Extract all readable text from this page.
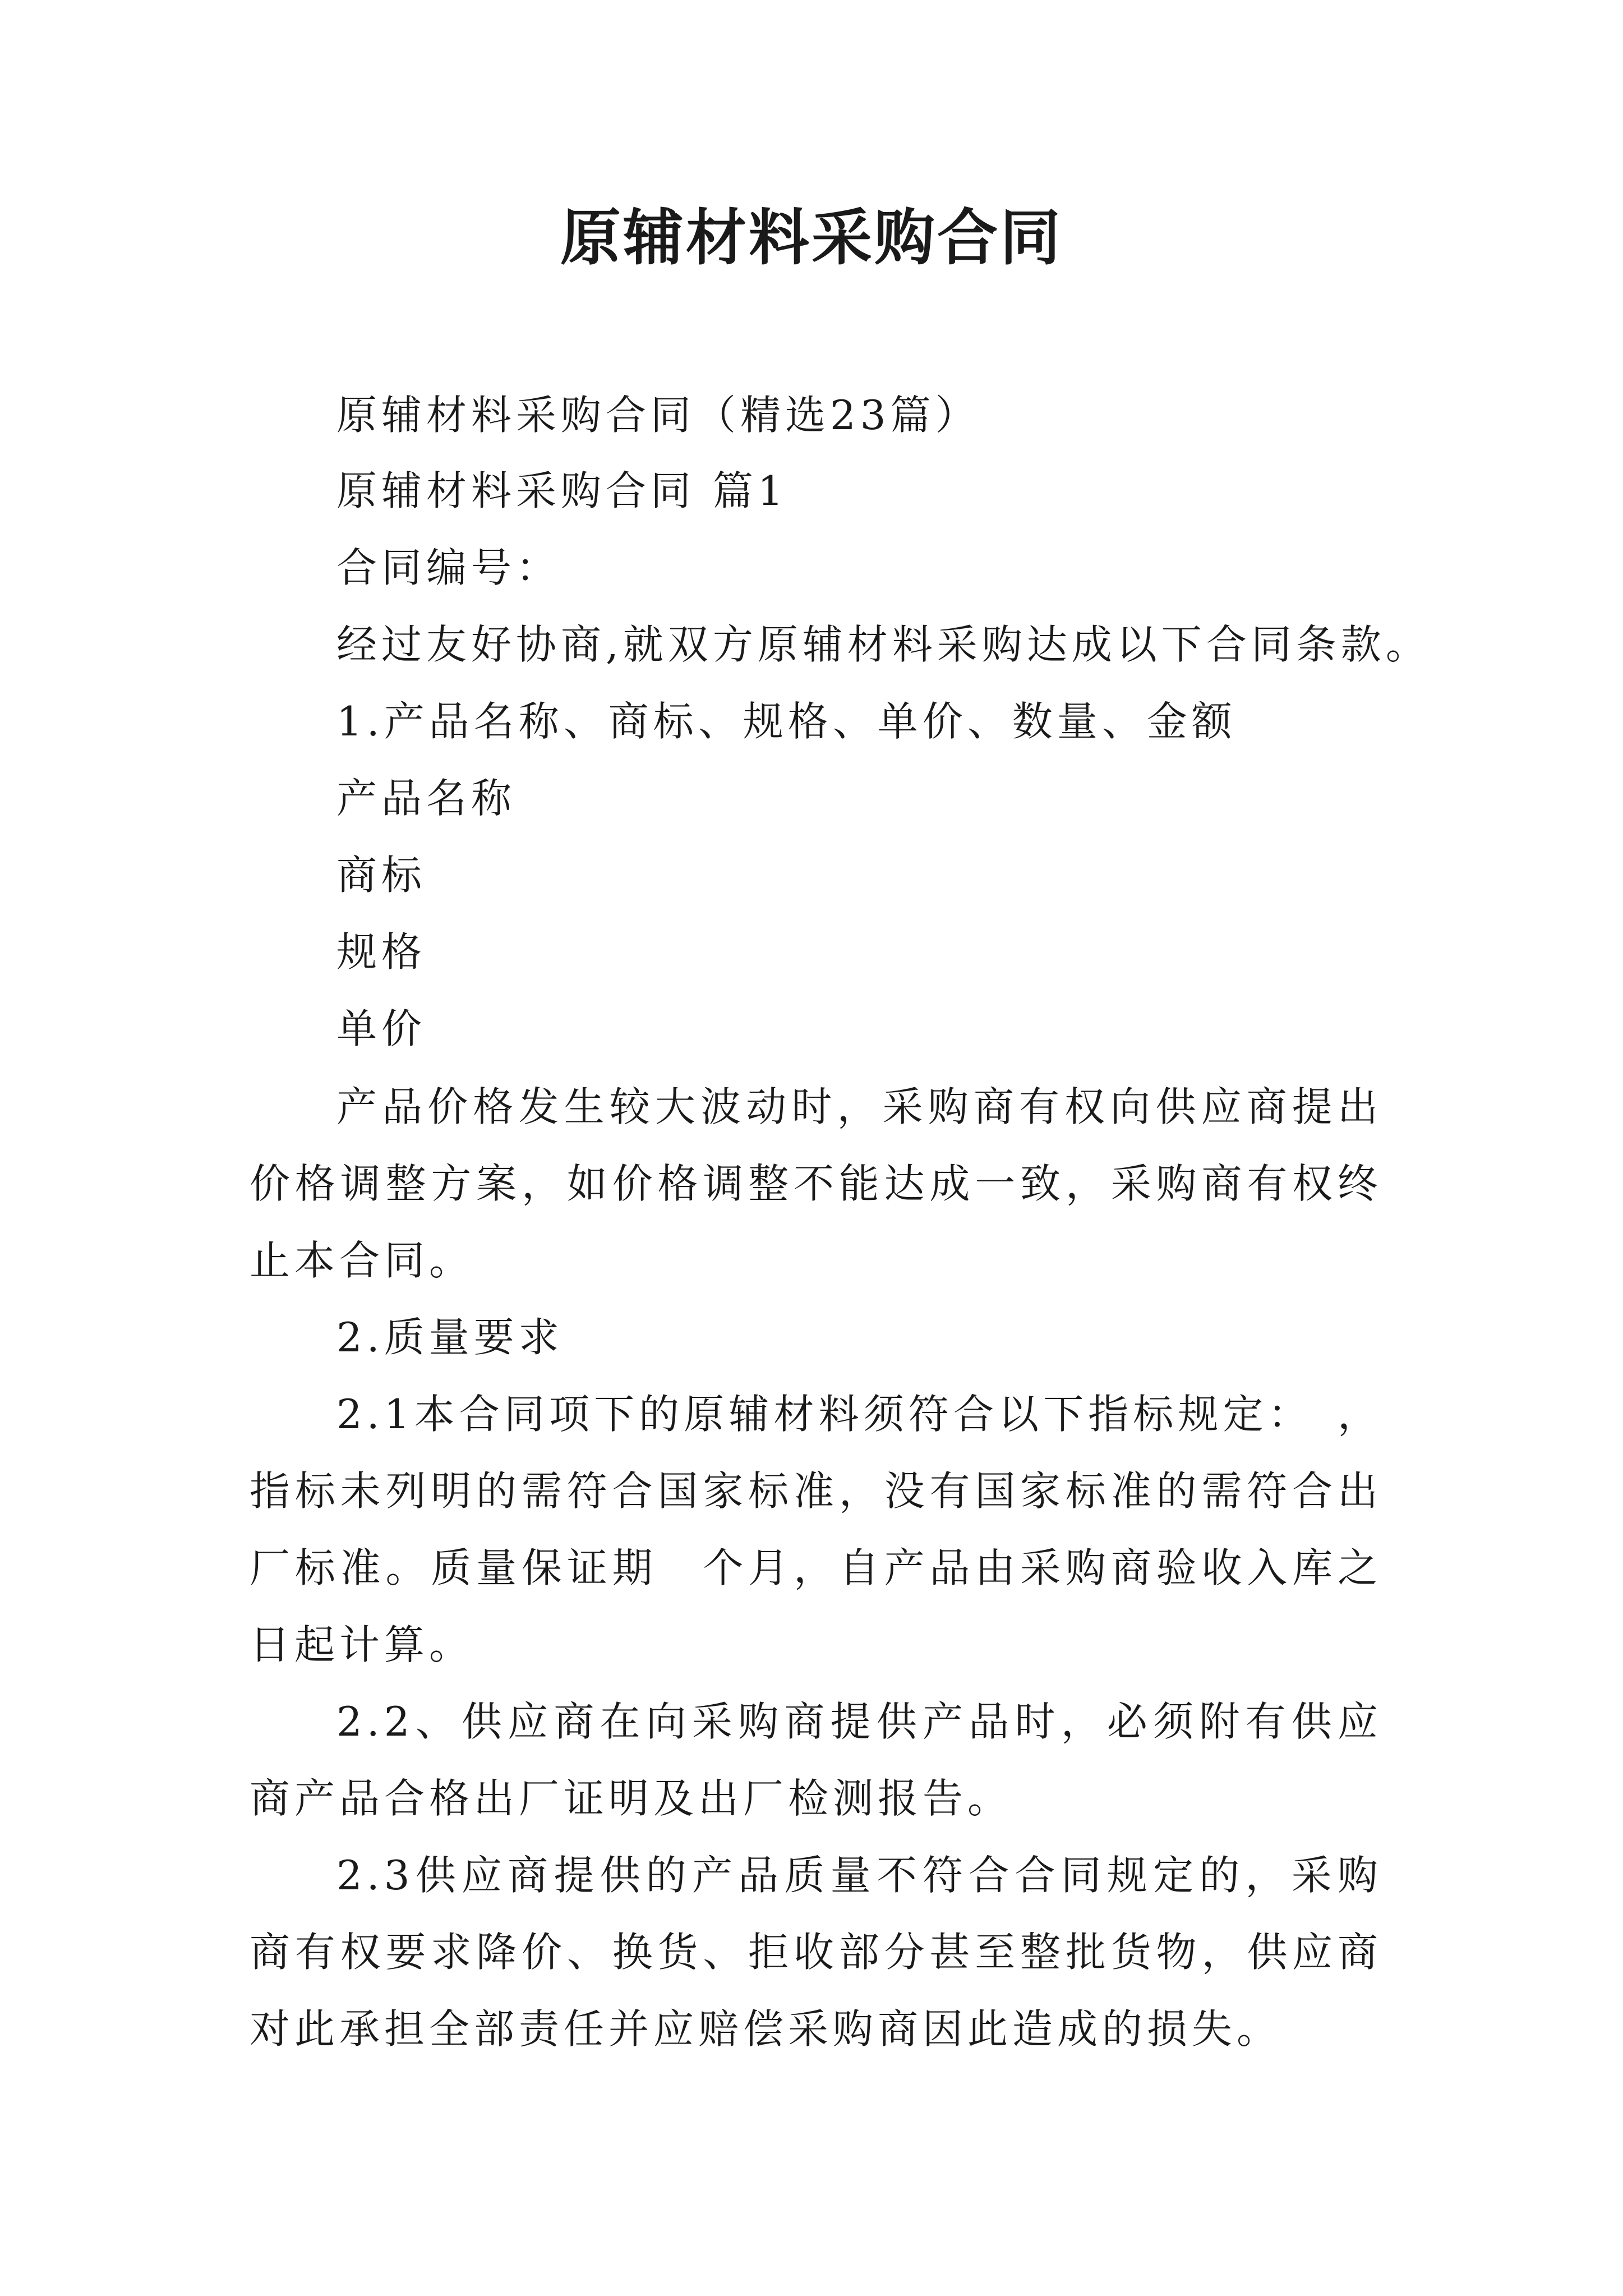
原辅材料采购合同

原辅材料采购合同（精选23篇）

原辅材料采购合同 篇1

合同编号：

经过友好协商,就双方原辅材料采购达成以下合同条款。

1.产品名称、商标、规格、单价、数量、金额

产品名称

商标

规格

单价

产品价格发生较大波动时，采购商有权向供应商提出价格调整方案，如价格调整不能达成一致，采购商有权终止本合同。

2.质量要求

2.1本合同项下的原辅材料须符合以下指标规定：　，指标未列明的需符合国家标准，没有国家标准的需符合出厂标准。质量保证期　个月，自产品由采购商验收入库之日起计算。

2.2、供应商在向采购商提供产品时，必须附有供应商产品合格出厂证明及出厂检测报告。

2.3供应商提供的产品质量不符合合同规定的，采购商有权要求降价、换货、拒收部分甚至整批货物，供应商对此承担全部责任并应赔偿采购商因此造成的损失。
